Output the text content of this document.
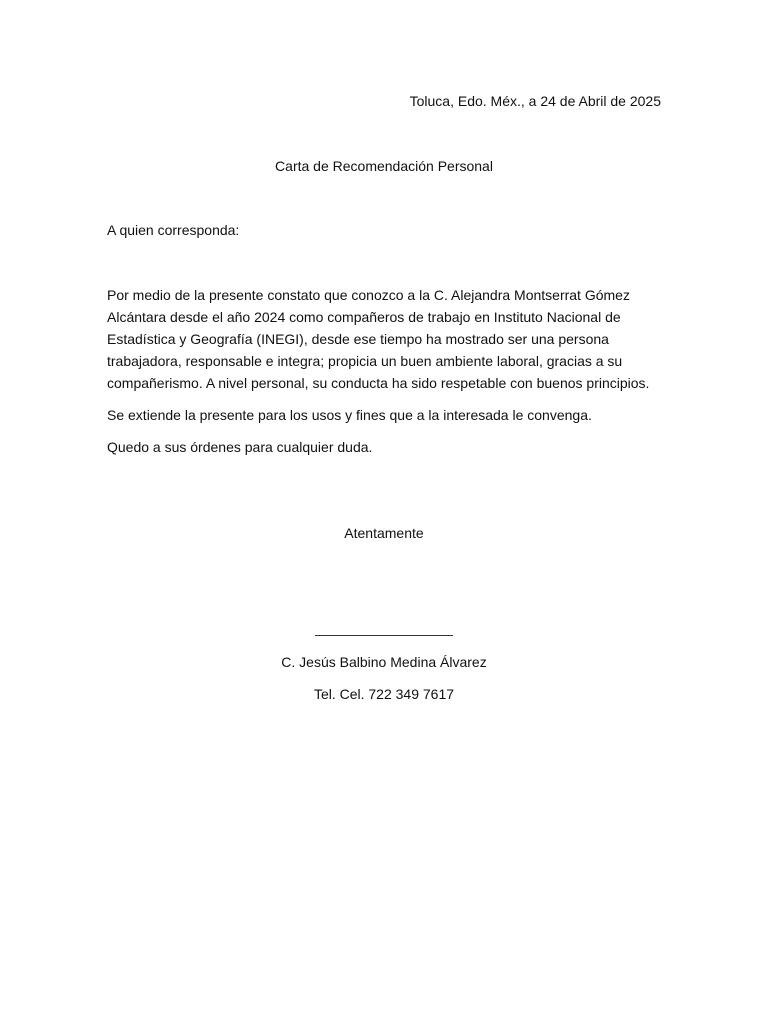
Toluca, Edo. Méx., a 24 de Abril de 2025

Carta de Recomendación Personal

A quien corresponda:

Por medio de la presente constato que conozco a la C. Alejandra Montserrat Gómez Alcántara desde el año 2024 como compañeros de trabajo en Instituto Nacional de Estadística y Geografía (INEGI), desde ese tiempo ha mostrado ser una persona trabajadora, responsable e integra; propicia un buen ambiente laboral, gracias a su compañerismo. A nivel personal, su conducta ha sido respetable con buenos principios.

Se extiende la presente para los usos y fines que a la interesada le convenga.

Quedo a sus órdenes para cualquier duda.

Atentamente

C. Jesús Balbino Medina Álvarez

Tel. Cel. 722 349 7617
